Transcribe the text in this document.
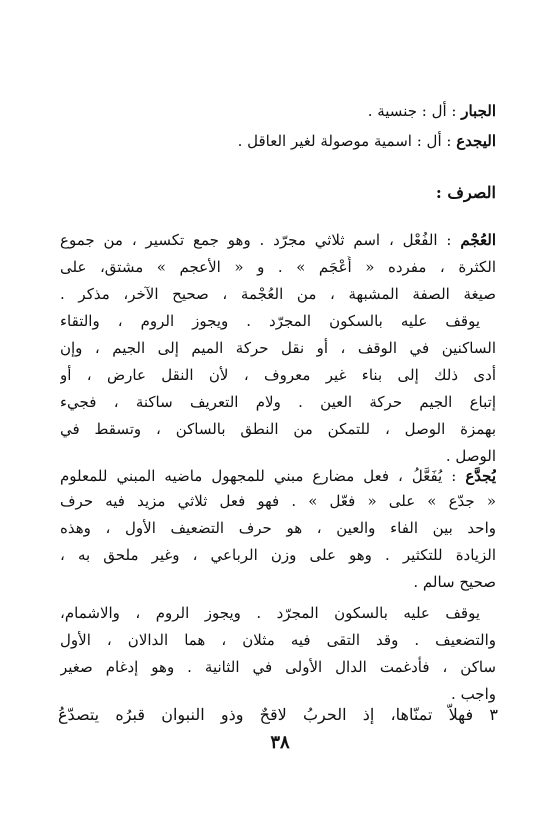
الجبار : أل : جنسية .
اليجدع : أل : اسمية موصولة لغير العاقل .
الصرف :
العُجْم : الفُعْل ، اسم ثلاثي مجرّد . وهو جمع تكسير ، من جموع
الكثرة ، مفرده « أَعْجَم » . و « الأعجم » مشتق، على
صيغة الصفة المشبهة ، من العُجْمة ، صحيح الآخر، مذكر .
يوقف عليه بالسكون المجرّد . ويجوز الروم ، والتقاء
الساكنين في الوقف ، أو نقل حركة الميم إلى الجيم ، وإن
أدى ذلك إلى بناء غير معروف ، لأن النقل عارض ، أو
إتباع الجيم حركة العين . ولام التعريف ساكنة ، فجيء
بهمزة الوصل ، للتمكن من النطق بالساكن ، وتسقط في
الوصل .
يُجدَّع : يُفَعَّلُ ، فعل مضارع مبني للمجهول ماضيه المبني للمعلوم
« جدّع » على « فعّل » . فهو فعل ثلاثي مزيد فيه حرف
واحد بين الفاء والعين ، هو حرف التضعيف الأول ، وهذه
الزيادة للتكثير . وهو على وزن الرباعي ، وغير ملحق به ،
صحيح سالم .
يوقف عليه بالسكون المجرّد . ويجوز الروم ، والاشمام،
والتضعيف . وقد التقى فيه مثلان ، هما الدالان ، الأول
ساكن ، فأدغمت الدال الأولى في الثانية . وهو إدغام صغير
واجب .
٣ فهلاّ تمنّاها، إذ الحربُ لاقحٌ وذو النبوان قبرُه يتصدّعُ
٣٨
